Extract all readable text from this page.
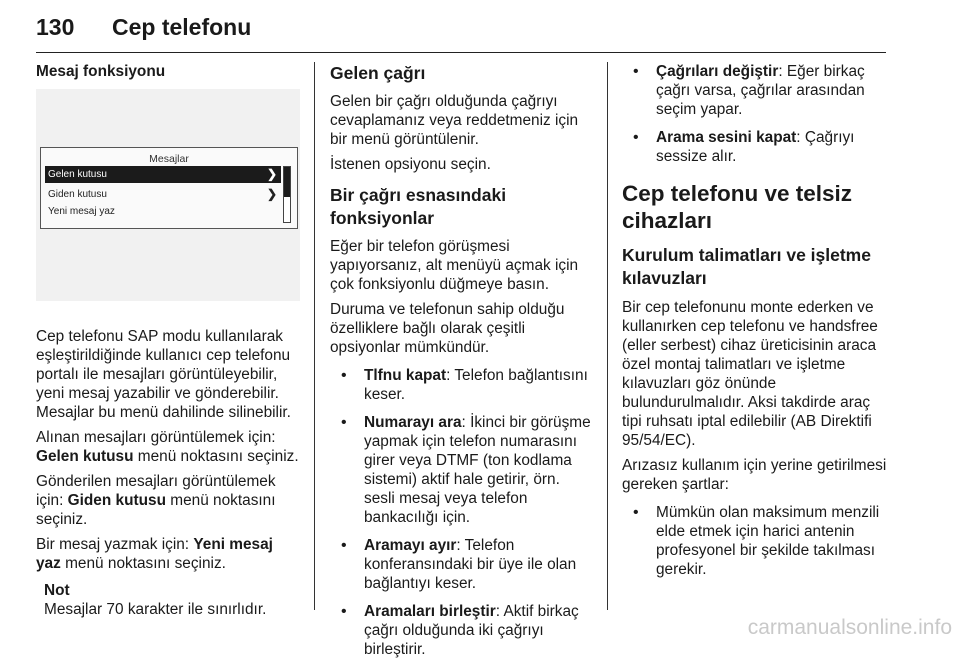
130 Cep telefonu
Mesaj fonksiyonu
Mesajlar
Gelen kutusu	❯
Giden kutusu	❯
Yeni mesaj yaz

Cep telefonu SAP modu kullanılarak eşleştirildiğinde kullanıcı cep telefonu portalı ile mesajları görüntüleyebilir, yeni mesaj yazabilir ve gönderebilir. Mesajlar bu menü dahilinde silinebilir.

Alınan mesajları görüntülemek için: Gelen kutusu menü noktasını seçiniz.

Gönderilen mesajları görüntülemek için: Giden kutusu menü noktasını seçiniz.

Bir mesaj yazmak için: Yeni mesaj yaz menü noktasını seçiniz.

Not
Mesajlar 70 karakter ile sınırlıdır.
Gelen çağrı

Gelen bir çağrı olduğunda çağrıyı cevaplamanız veya reddetmeniz için bir menü görüntülenir.

İstenen opsiyonu seçin.

Bir çağrı esnasındaki fonksiyonlar

Eğer bir telefon görüşmesi yapıyorsanız, alt menüyü açmak için çok fonksiyonlu düğmeye basın.

Duruma ve telefonun sahip olduğu özelliklere bağlı olarak çeşitli opsiyonlar mümkündür.

• Tlfnu kapat: Telefon bağlantısını keser.
• Numarayı ara: İkinci bir görüşme yapmak için telefon numarasını girer veya DTMF (ton kodlama sistemi) aktif hale getirir, örn. sesli mesaj veya telefon bankacılığı için.
• Aramayı ayır: Telefon konferansındaki bir üye ile olan bağlantıyı keser.
• Aramaları birleştir: Aktif birkaç çağrı olduğunda iki çağrıyı birleştirir.
• Çağrıları değiştir: Eğer birkaç çağrı varsa, çağrılar arasından seçim yapar.
• Arama sesini kapat: Çağrıyı sessize alır.
Cep telefonu ve telsiz cihazları
Kurulum talimatları ve işletme kılavuzları

Bir cep telefonunu monte ederken ve kullanırken cep telefonu ve handsfree (eller serbest) cihaz üreticisinin araca özel montaj talimatları ve işletme kılavuzları göz önünde bulundurulmalıdır. Aksi takdirde araç tipi ruhsatı iptal edilebilir (AB Direktifi 95/54/EC).

Arızasız kullanım için yerine getirilmesi gereken şartlar:

• Mümkün olan maksimum menzili elde etmek için harici antenin profesyonel bir şekilde takılması gerekir.
carmanualsonline.info
